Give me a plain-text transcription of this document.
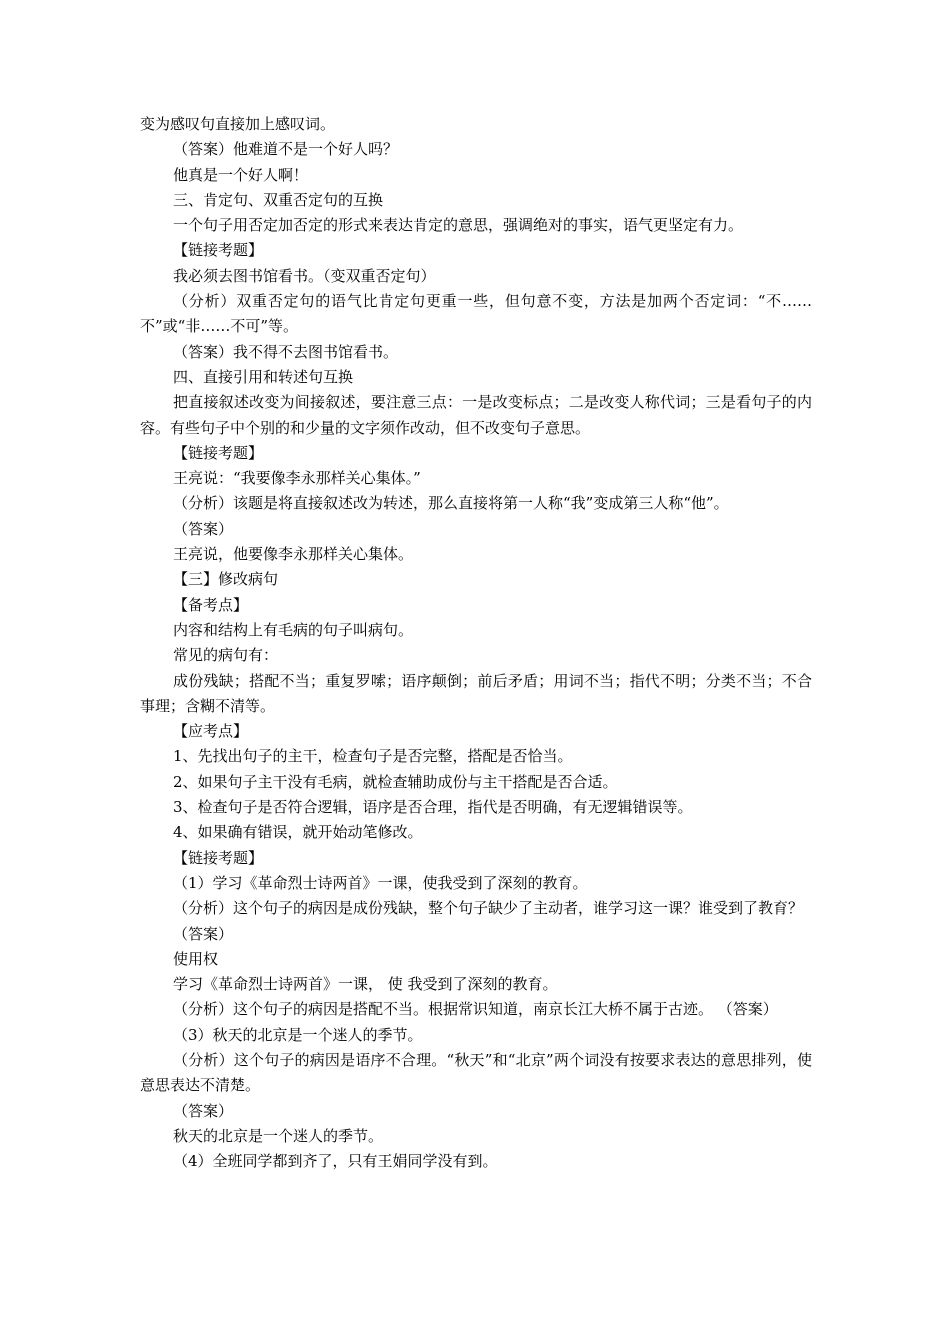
变为感叹句直接加上感叹词。

（答案）他难道不是一个好人吗？

他真是一个好人啊！

三、肯定句、双重否定句的互换

一个句子用否定加否定的形式来表达肯定的意思，强调绝对的事实，语气更坚定有力。

【链接考题】

我必须去图书馆看书。（变双重否定句）

（分析）双重否定句的语气比肯定句更重一些，但句意不变，方法是加两个否定词：“不……不”或“非……不可”等。

（答案）我不得不去图书馆看书。

四、直接引用和转述句互换

把直接叙述改变为间接叙述，要注意三点：一是改变标点；二是改变人称代词；三是看句子的内容。有些句子中个别的和少量的文字须作改动，但不改变句子意思。

【链接考题】

王亮说：“我要像李永那样关心集体。”

（分析）该题是将直接叙述改为转述，那么直接将第一人称“我”变成第三人称“他”。

（答案）

王亮说，他要像李永那样关心集体。

【三】修改病句

【备考点】

内容和结构上有毛病的句子叫病句。

常见的病句有：

成份残缺；搭配不当；重复罗嗦；语序颠倒；前后矛盾；用词不当；指代不明；分类不当；不合事理；含糊不清等。

【应考点】

1、先找出句子的主干，检查句子是否完整，搭配是否恰当。

2、如果句子主干没有毛病，就检查辅助成份与主干搭配是否合适。

3、检查句子是否符合逻辑，语序是否合理，指代是否明确，有无逻辑错误等。

4、如果确有错误，就开始动笔修改。

【链接考题】

（1）学习《革命烈士诗两首》一课，使我受到了深刻的教育。

（分析）这个句子的病因是成份残缺，整个句子缺少了主动者，谁学习这一课？谁受到了教育？

（答案）

使用权

学习《革命烈士诗两首》一课， 使 我受到了深刻的教育。

（分析）这个句子的病因是搭配不当。根据常识知道，南京长江大桥不属于古迹。 （答案）

（3）秋天的北京是一个迷人的季节。

（分析）这个句子的病因是语序不合理。“秋天”和“北京”两个词没有按要求表达的意思排列，使意思表达不清楚。

（答案）

秋天的北京是一个迷人的季节。

（4）全班同学都到齐了，只有王娟同学没有到。
